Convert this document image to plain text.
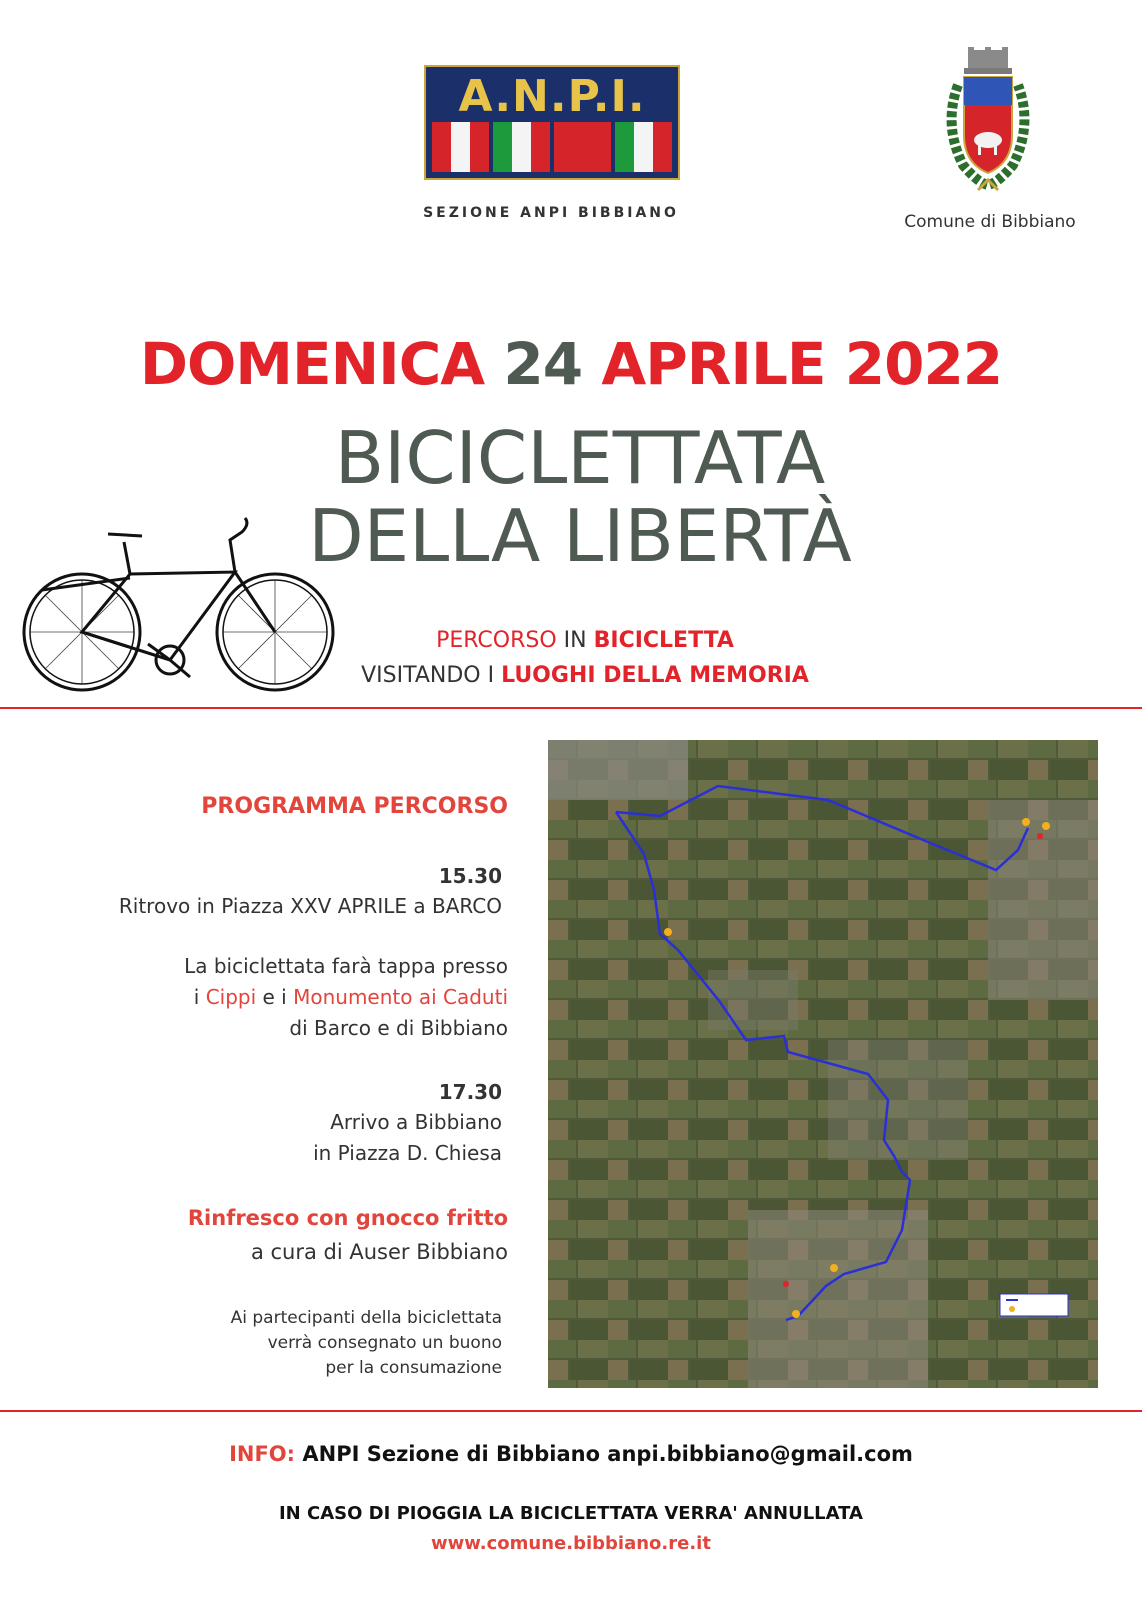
A.N.P.I.
SEZIONE ANPI BIBBIANO	Comune di Bibbiano
DOMENICA 24 APRILE 2022
BICICLETTATA
DELLA LIBERTÀ
PERCORSO IN BICICLETTA
VISITANDO I LUOGHI DELLA MEMORIA
PROGRAMMA PERCORSO
15.30
Ritrovo in Piazza XXV APRILE a BARCO
La biciclettata farà tappa presso
i Cippi e i Monumento ai Caduti
di Barco e di Bibbiano
17.30
Arrivo a Bibbiano
in Piazza D. Chiesa
Rinfresco con gnocco fritto
a cura di Auser Bibbiano
Ai partecipanti della biciclettata
verrà consegnato un buono
per la consumazione
INFO: ANPI Sezione di Bibbiano anpi.bibbiano@gmail.com
IN CASO DI PIOGGIA LA BICICLETTATA VERRA' ANNULLATA
www.comune.bibbiano.re.it
